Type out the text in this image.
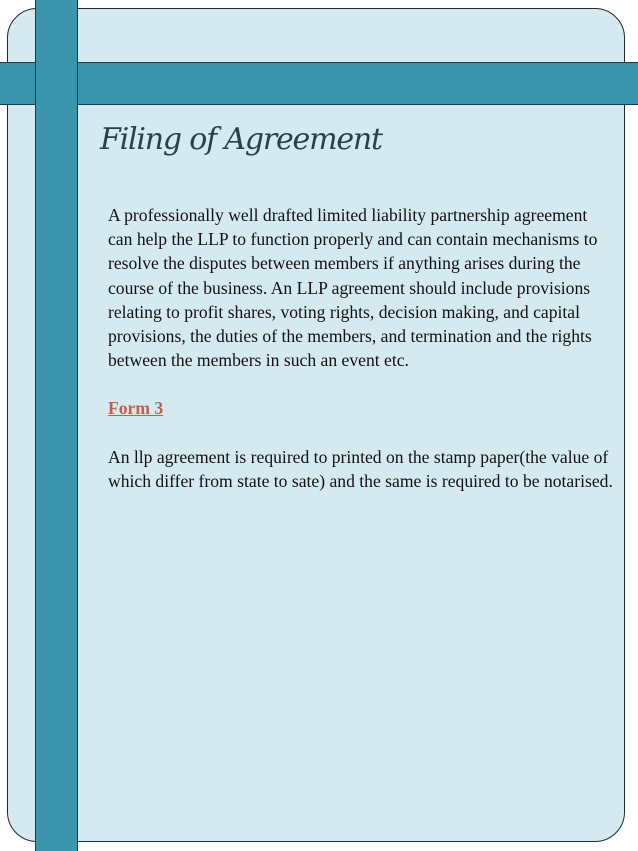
Filing of Agreement

A professionally well drafted limited liability partnership agreement can help the LLP to function properly and can contain mechanisms to resolve the disputes between members if anything arises during the course of the business. An LLP agreement should include provisions relating to profit shares, voting rights, decision making, and capital provisions, the duties of the members, and termination and the rights between the members in such an event etc.

Form 3

An llp agreement is required to printed on the stamp paper(the value of which differ from state to sate) and the same is required to be notarised.
